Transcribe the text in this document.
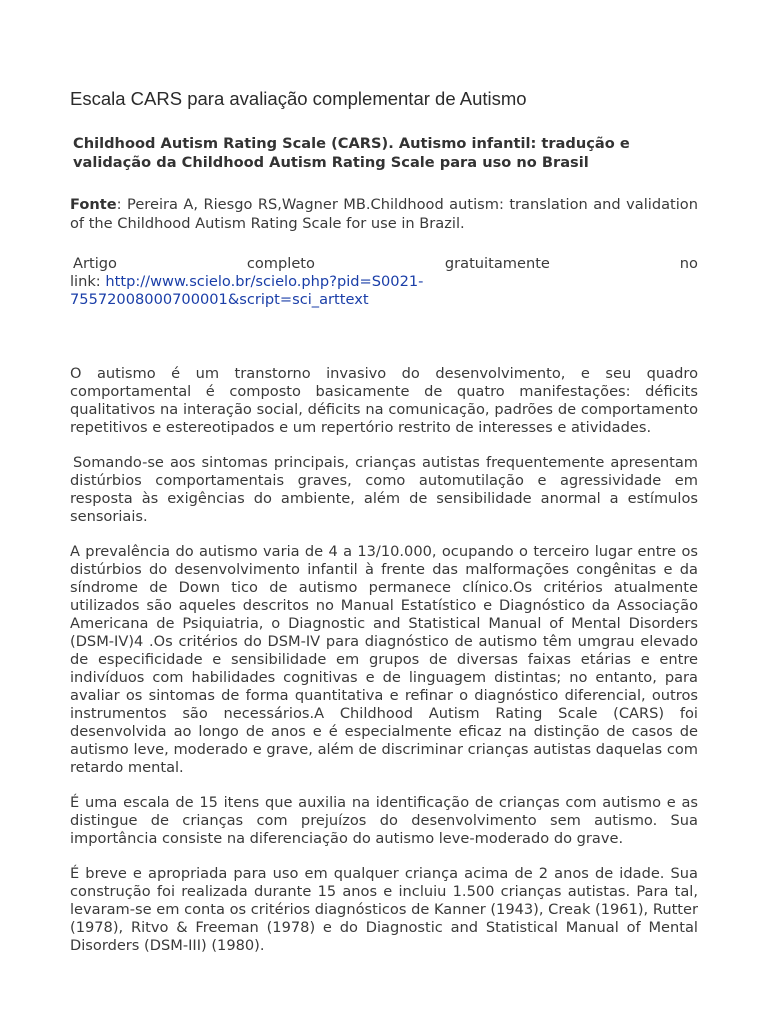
Escala CARS para avaliação complementar de Autismo
Childhood Autism Rating Scale (CARS). Autismo infantil: tradução e validação da Childhood Autism Rating Scale para uso no Brasil
Fonte: Pereira A, Riesgo RS,Wagner MB.Childhood autism: translation and validation of the Childhood Autism Rating Scale for use in Brazil.
Artigo	completo	gratuitamente	no
link: http://www.scielo.br/scielo.php?pid=S0021-
75572008000700001&script=sci_arttext

O autismo é um transtorno invasivo do desenvolvimento, e seu quadro comportamental é composto basicamente de quatro manifestações: déficits qualitativos na interação social, déficits na comunicação, padrões de comportamento repetitivos e estereotipados e um repertório restrito de interesses e atividades.

Somando-se aos sintomas principais, crianças autistas frequentemente apresentam distúrbios comportamentais graves, como automutilação e agressividade em resposta às exigências do ambiente, além de sensibilidade anormal a estímulos sensoriais.

A prevalência do autismo varia de 4 a 13/10.000, ocupando o terceiro lugar entre os distúrbios do desenvolvimento infantil à frente das malformações congênitas e da síndrome de Down tico de autismo permanece clínico.Os critérios atualmente utilizados são aqueles descritos no Manual Estatístico e Diagnóstico da Associação Americana de Psiquiatria, o Diagnostic and Statistical Manual of Mental Disorders (DSM-IV)4 .Os critérios do DSM-IV para diagnóstico de autismo têm umgrau elevado de especificidade e sensibilidade em grupos de diversas faixas etárias e entre indivíduos com habilidades cognitivas e de linguagem distintas; no entanto, para avaliar os sintomas de forma quantitativa e refinar o diagnóstico diferencial, outros instrumentos são necessários.A Childhood Autism Rating Scale (CARS) foi desenvolvida ao longo de anos e é especialmente eficaz na distinção de casos de autismo leve, moderado e grave, além de discriminar crianças autistas daquelas com retardo mental.

É uma escala de 15 itens que auxilia na identificação de crianças com autismo e as distingue de crianças com prejuízos do desenvolvimento sem autismo. Sua importância consiste na diferenciação do autismo leve-moderado do grave.

É breve e apropriada para uso em qualquer criança acima de 2 anos de idade. Sua construção foi realizada durante 15 anos e incluiu 1.500 crianças autistas. Para tal, levaram-se em conta os critérios diagnósticos de Kanner (1943), Creak (1961), Rutter (1978), Ritvo & Freeman (1978) e do Diagnostic and Statistical Manual of Mental Disorders (DSM-III) (1980).
